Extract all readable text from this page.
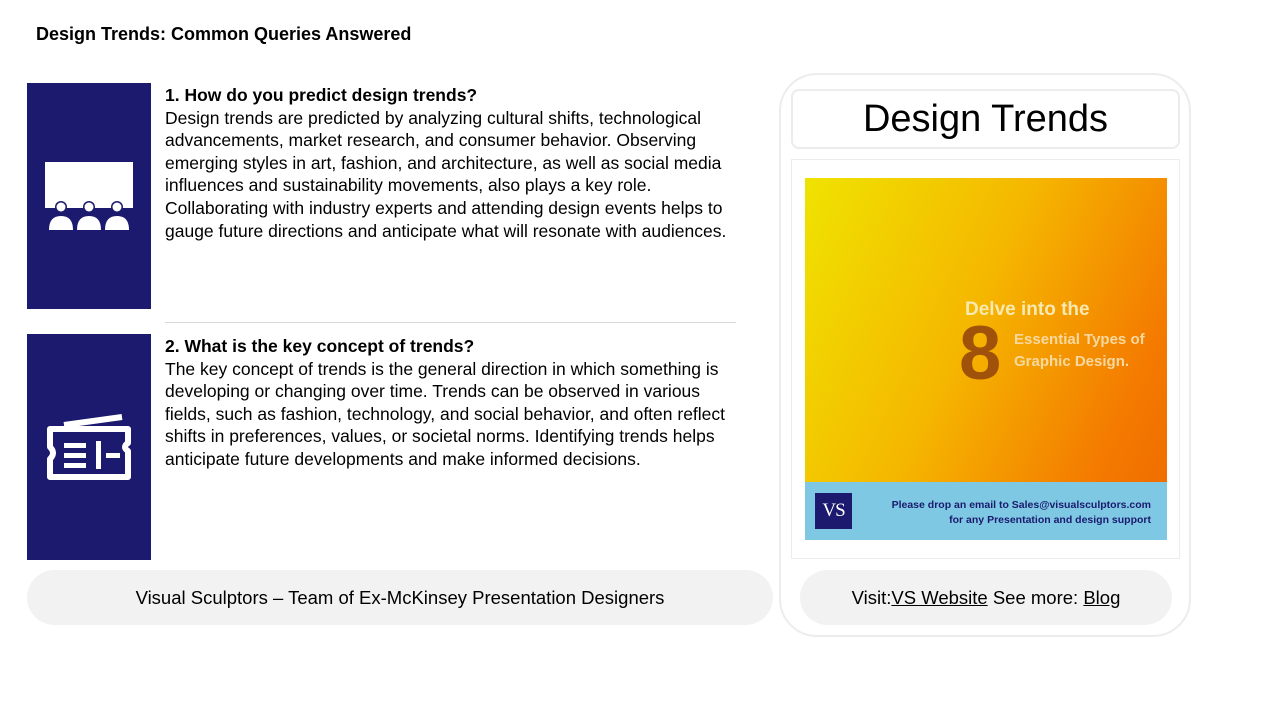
Design Trends: Common Queries Answered
1. How do you predict design trends?
Design trends are predicted by analyzing cultural shifts, technological advancements, market research, and consumer behavior. Observing emerging styles in art, fashion, and architecture, as well as social media influences and sustainability movements, also plays a key role. Collaborating with industry experts and attending design events helps to gauge future directions and anticipate what will resonate with audiences.
2. What is the key concept of trends?
The key concept of trends is the general direction in which something is developing or changing over time. Trends can be observed in various fields, such as fashion, technology, and social behavior, and often reflect shifts in preferences, values, or societal norms. Identifying trends helps anticipate future developments and make informed decisions.
Visual Sculptors – Team of Ex-McKinsey Presentation Designers
Design Trends
Delve into the
8 Essential Types of Graphic Design.
VS	Please drop an email to Sales@visualsculptors.com
for any Presentation and design support
Visit: VS Website See more: Blog
